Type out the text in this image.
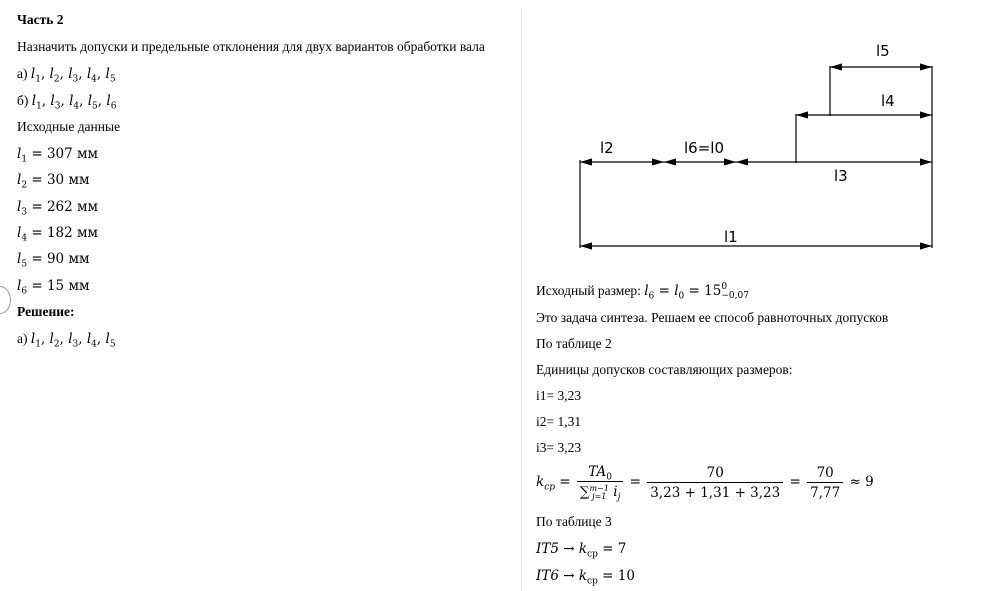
Часть 2
Назначить допуски и предельные отклонения для двух вариантов обработки вала
а) $l_1$, $l_2$, $l_3$, $l_4$, $l_5$
б) $l_1$, $l_3$, $l_4$, $l_5$, $l_6$
Исходные данные
$l_1 = 307$ мм
$l_2 = 30$ мм
$l_3 = 262$ мм
$l_4 = 182$ мм
$l_5 = 90$ мм
$l_6 = 15$ мм
Решение:
а) $l_1$, $l_2$, $l_3$, $l_4$, $l_5$
l5
l4
l2	l6=l0
l3
l1
Исходный размер: $l_6 = l_0 = 15$ 0
−0,07
Это задача синтеза. Решаем ее способ равноточных допусков
По таблице 2
Единицы допусков составляющих размеров:
i1= 3,23
i2= 1,31
i3= 3,23
$k_{cp} = TA_0$
∑ m−1
j=1 $i_j = \frac{70}{3,23 + 1,31 + 3,23} = \frac{70}{7,77} \approx 9$
По таблице 3
$IT5 \to k_{ср} = 7$
$IT6 \to k_{ср} = 10$
